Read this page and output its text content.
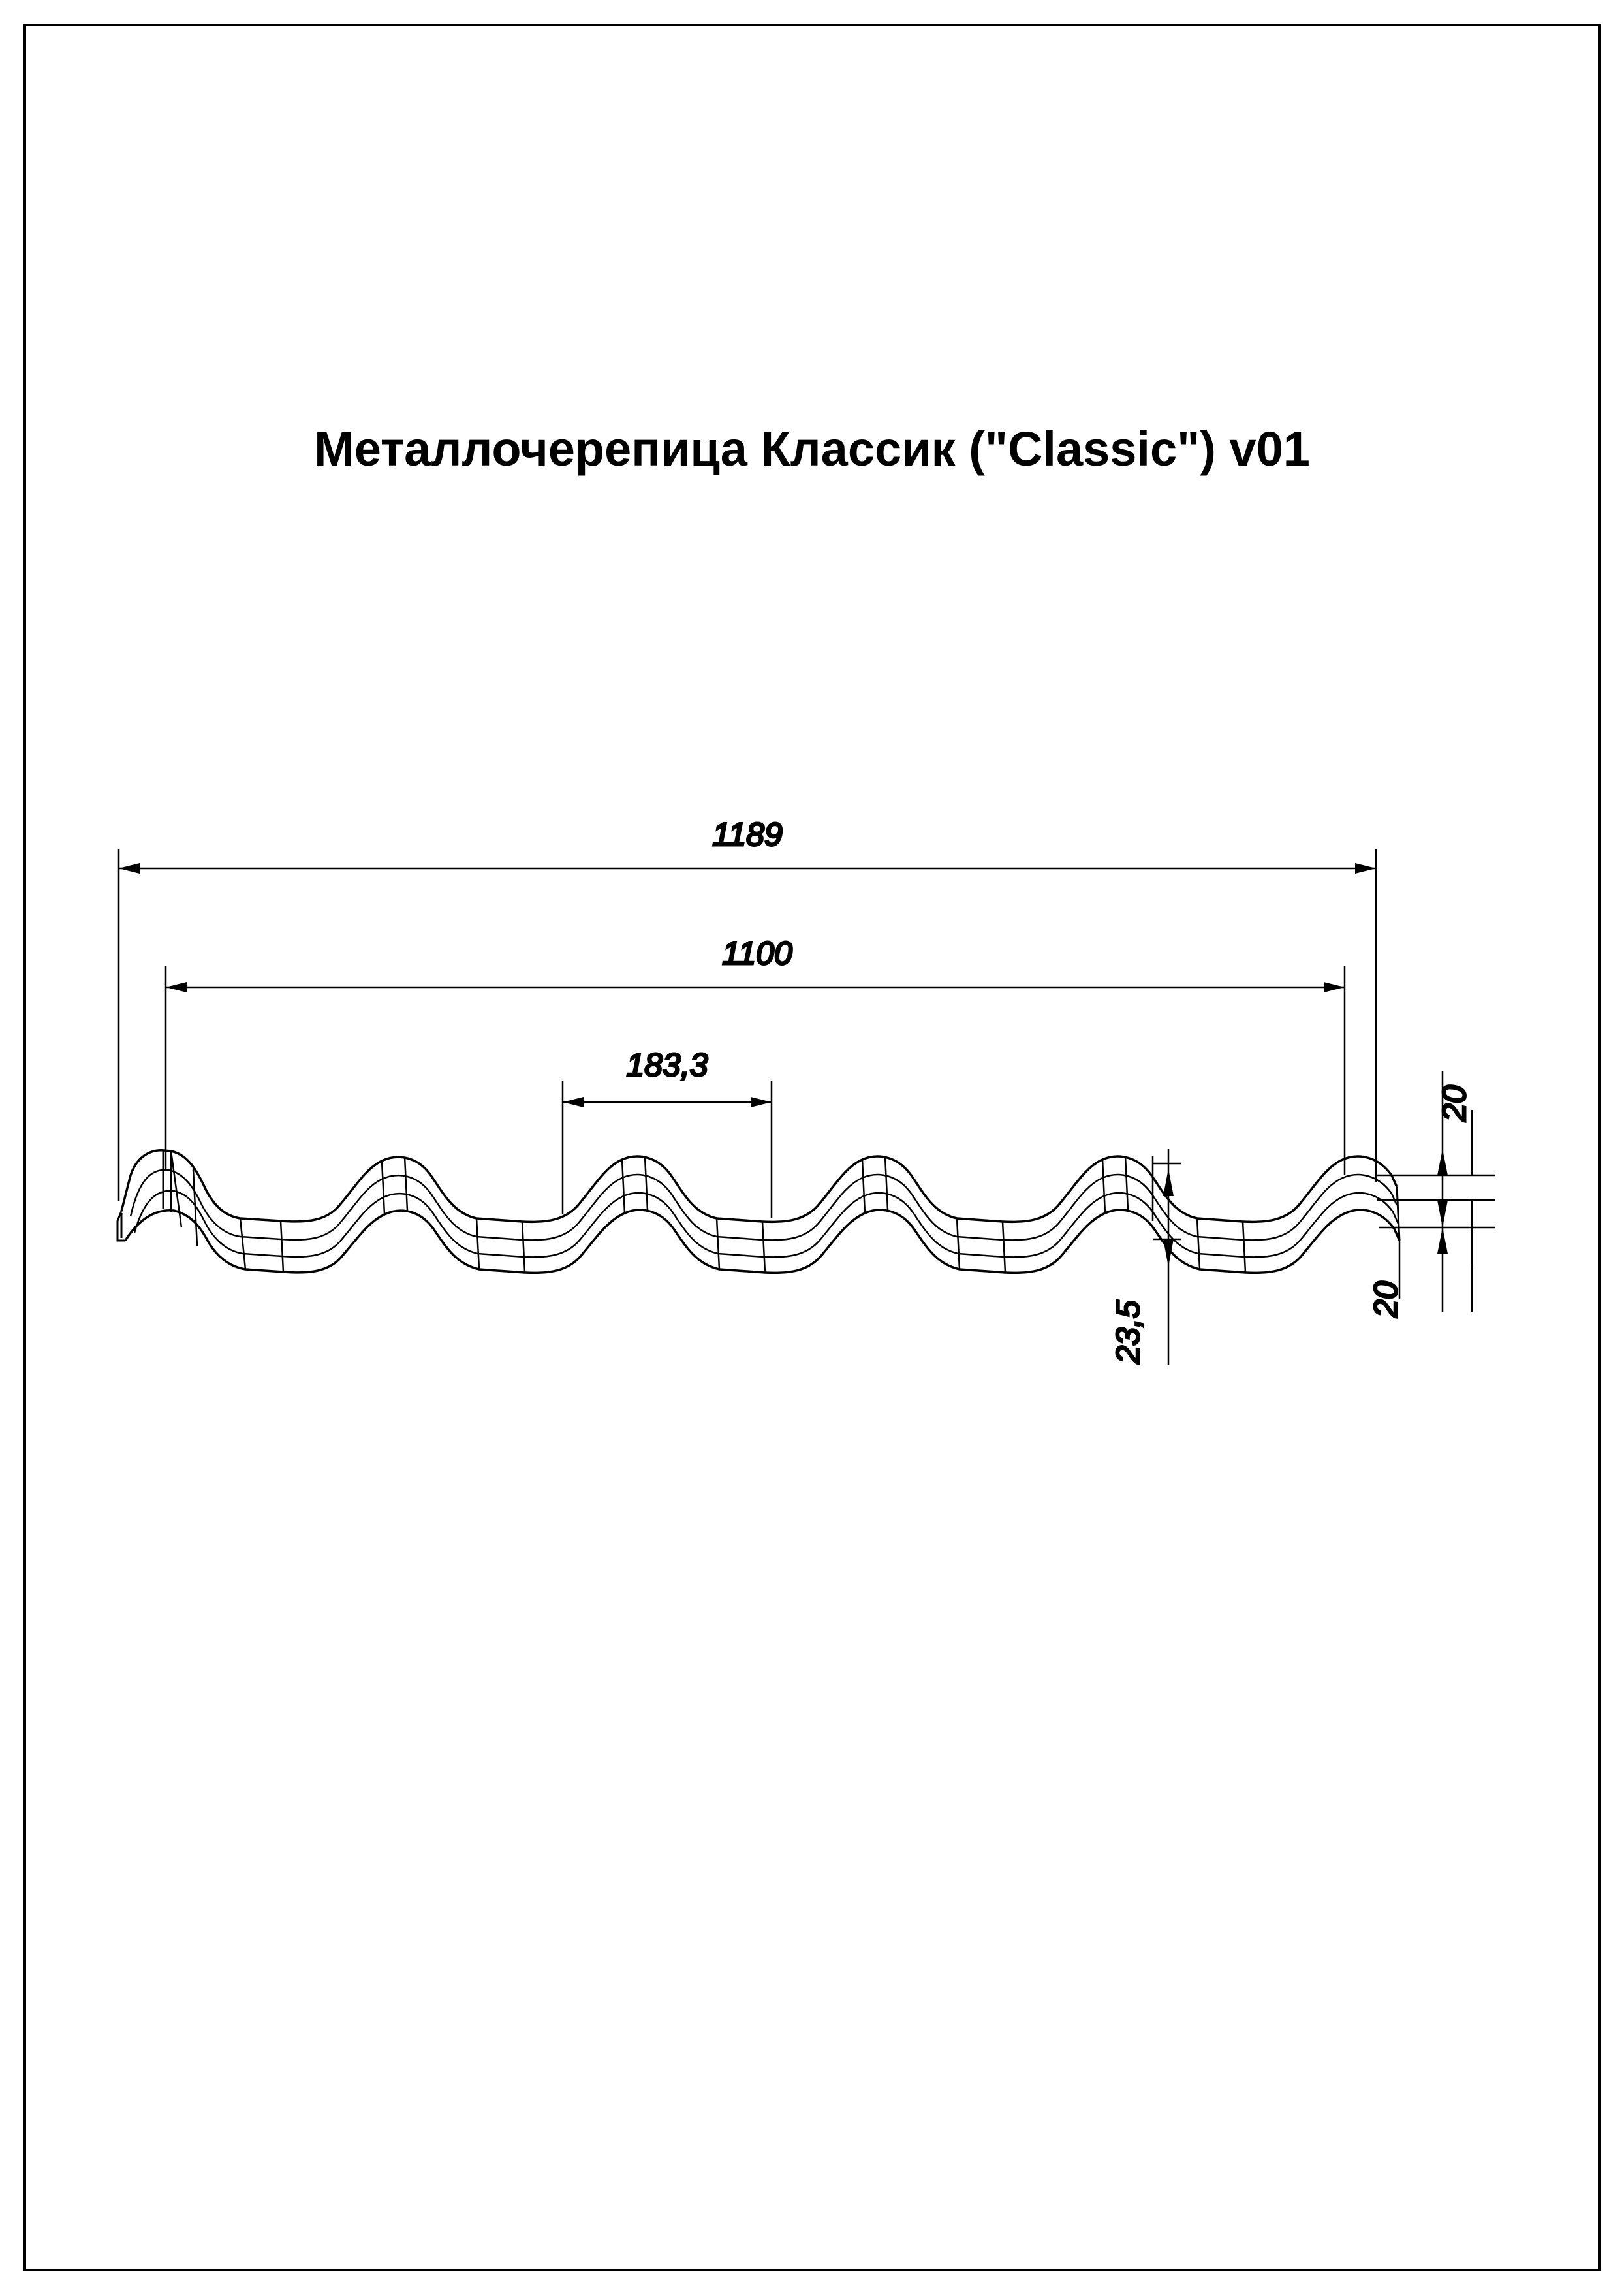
Металлочерепица Классик ("Classic") v01
1189
1100
183,3
23,5
20
20
